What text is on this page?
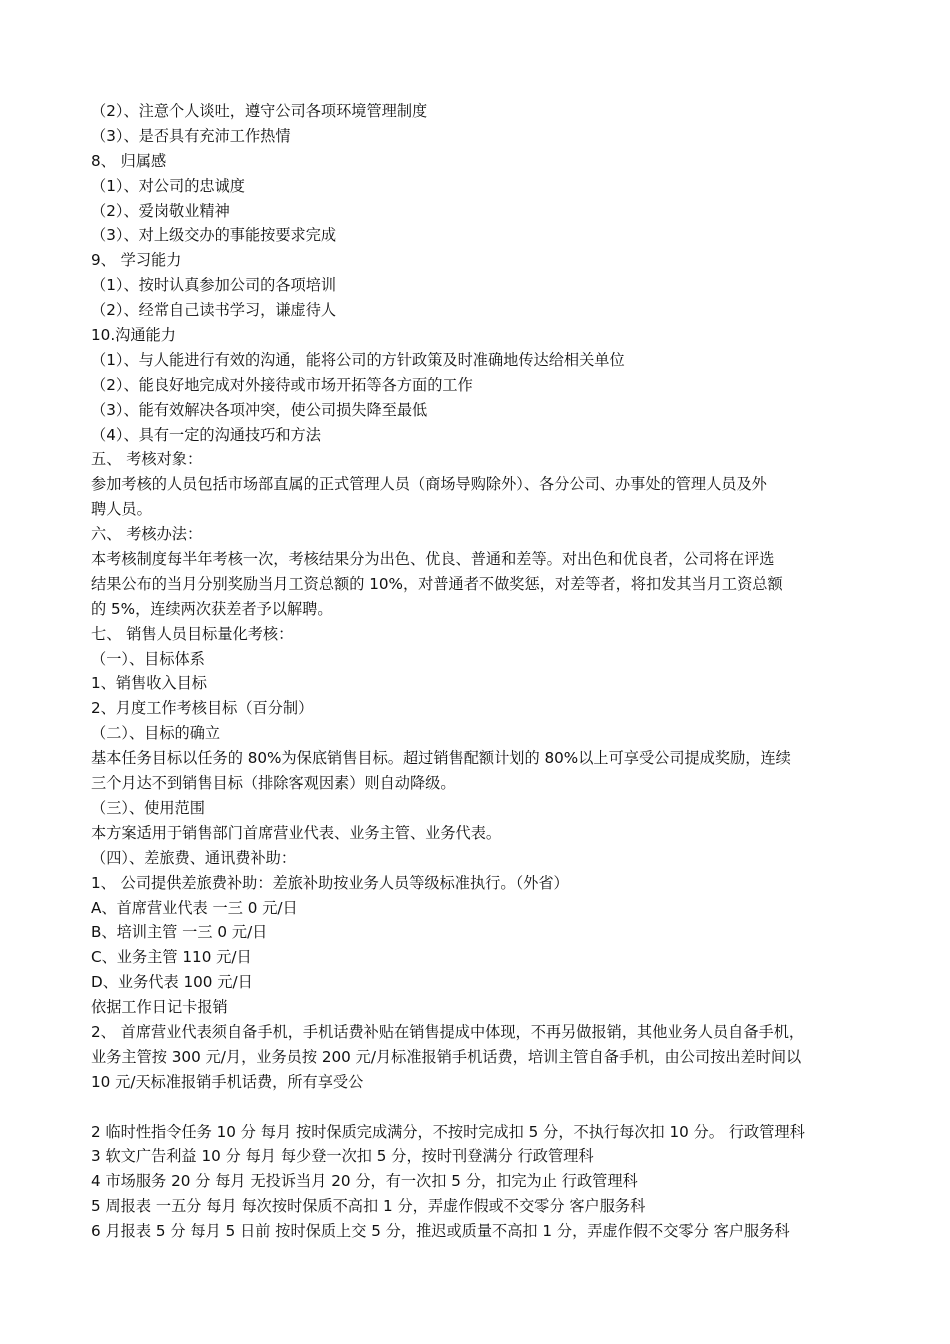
（2）、注意个人谈吐，遵守公司各项环境管理制度
（3）、是否具有充沛工作热情
8、 归属感
（1）、对公司的忠诚度
（2）、爱岗敬业精神
（3）、对上级交办的事能按要求完成
9、 学习能力
（1）、按时认真参加公司的各项培训
（2）、经常自己读书学习，谦虚待人
10.沟通能力
（1）、与人能进行有效的沟通，能将公司的方针政策及时准确地传达给相关单位
（2）、能良好地完成对外接待或市场开拓等各方面的工作
（3）、能有效解决各项冲突，使公司损失降至最低
（4）、具有一定的沟通技巧和方法
五、 考核对象：
参加考核的人员包括市场部直属的正式管理人员（商场导购除外）、各分公司、办事处的管理人员及外
聘人员。
六、 考核办法：
本考核制度每半年考核一次，考核结果分为出色、优良、普通和差等。对出色和优良者，公司将在评选
结果公布的当月分别奖励当月工资总额的 10%，对普通者不做奖惩，对差等者，将扣发其当月工资总额
的 5%，连续两次获差者予以解聘。
七、 销售人员目标量化考核：
（一）、目标体系
1、销售收入目标
2、月度工作考核目标（百分制）
（二）、目标的确立
基本任务目标以任务的 80%为保底销售目标。超过销售配额计划的 80%以上可享受公司提成奖励，连续
三个月达不到销售目标（排除客观因素）则自动降级。
（三）、使用范围
本方案适用于销售部门首席营业代表、业务主管、业务代表。
（四）、差旅费、通讯费补助：
1、 公司提供差旅费补助：差旅补助按业务人员等级标准执行。（外省）
A、首席营业代表 一三 0 元/日
B、培训主管 一三 0 元/日
C、业务主管 110 元/日
D、业务代表 100 元/日
依据工作日记卡报销
2、 首席营业代表须自备手机，手机话费补贴在销售提成中体现，不再另做报销，其他业务人员自备手机，
业务主管按 300 元/月，业务员按 200 元/月标准报销手机话费，培训主管自备手机，由公司按出差时间以
10 元/天标准报销手机话费，所有享受公
2 临时性指令任务 10 分 每月 按时保质完成满分，不按时完成扣 5 分，不执行每次扣 10 分。 行政管理科
3 软文广告利益 10 分 每月 每少登一次扣 5 分，按时刊登满分 行政管理科
4 市场服务 20 分 每月 无投诉当月 20 分，有一次扣 5 分，扣完为止 行政管理科
5 周报表 一五分 每月 每次按时保质不高扣 1 分，弄虚作假或不交零分 客户服务科
6 月报表 5 分 每月 5 日前 按时保质上交 5 分，推迟或质量不高扣 1 分，弄虚作假不交零分 客户服务科
